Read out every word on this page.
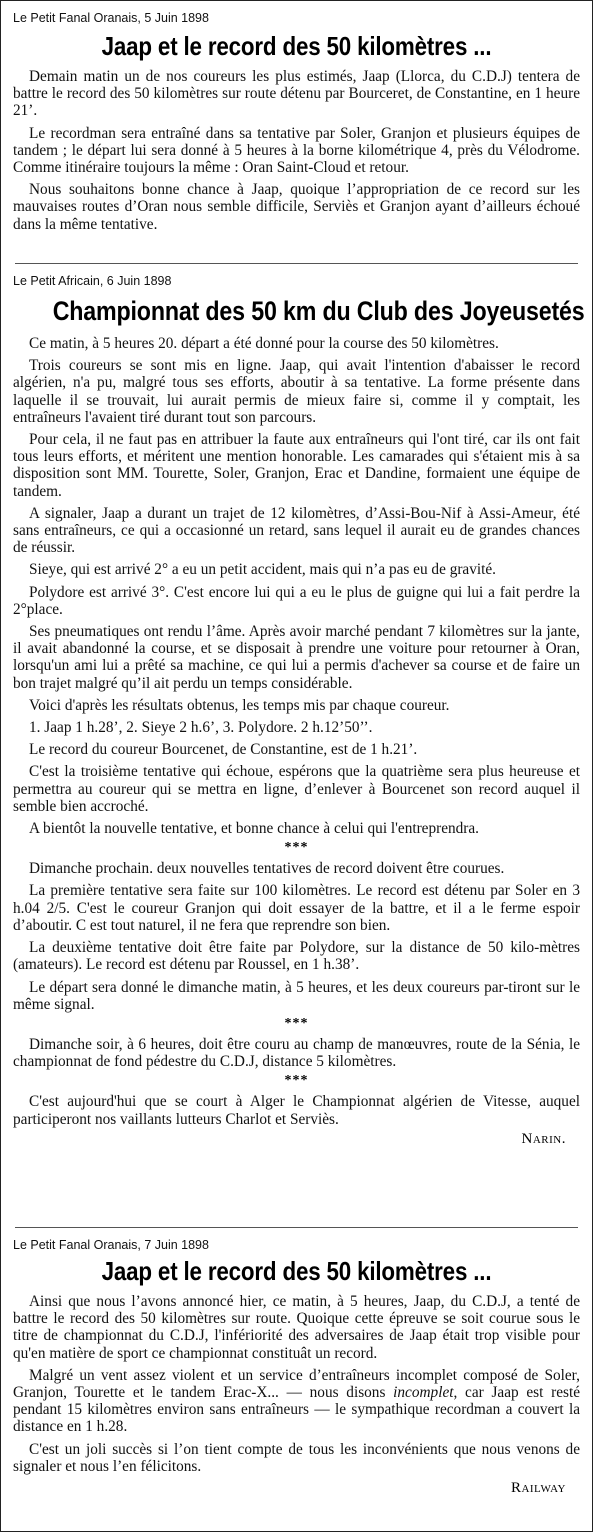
Le Petit Fanal Oranais, 5 Juin 1898

Jaap et le record des 50 kilomètres ...

Demain matin un de nos coureurs les plus estimés, Jaap (Llorca, du C.D.J) tentera de battre le record des 50 kilomètres sur route détenu par Bourceret, de Constantine, en 1 heure 21’.

Le recordman sera entraîné dans sa tentative par Soler, Granjon et plusieurs équipes de tandem ; le départ lui sera donné à 5 heures à la borne kilométrique 4, près du Vélodrome. Comme itinéraire toujours la même : Oran Saint-Cloud et retour.

Nous souhaitons bonne chance à Jaap, quoique l’appropriation de ce record sur les mauvaises routes d’Oran nous semble difficile, Serviès et Granjon ayant d’ailleurs échoué dans la même tentative.

Le Petit Africain, 6 Juin 1898

Championnat des 50 km du Club des Joyeusetés

Ce matin, à 5 heures 20. départ a été donné pour la course des 50 kilomètres.

Trois coureurs se sont mis en ligne. Jaap, qui avait l'intention d'abaisser le record algérien, n'a pu, malgré tous ses efforts, aboutir à sa tentative. La forme présente dans laquelle il se trouvait, lui aurait permis de mieux faire si, comme il y comptait, les entraîneurs l'avaient tiré durant tout son parcours.

Pour cela, il ne faut pas en attribuer la faute aux entraîneurs qui l'ont tiré, car ils ont fait tous leurs efforts, et méritent une mention honorable. Les camarades qui s'étaient mis à sa disposition sont MM. Tourette, Soler, Granjon, Erac et Dandine, formaient une équipe de tandem.

A signaler, Jaap a durant un trajet de 12 kilomètres, d’Assi-Bou-Nif à Assi-Ameur, été sans entraîneurs, ce qui a occasionné un retard, sans lequel il aurait eu de grandes chances de réussir.

Sieye, qui est arrivé 2° a eu un petit accident, mais qui n’a pas eu de gravité.

Polydore est arrivé 3°. C'est encore lui qui a eu le plus de guigne qui lui a fait perdre la 2°place.

Ses pneumatiques ont rendu l’âme. Après avoir marché pendant 7 kilomètres sur la jante, il avait abandonné la course, et se disposait à prendre une voiture pour retourner à Oran, lorsqu'un ami lui a prêté sa machine, ce qui lui a permis d'achever sa course et de faire un bon trajet malgré qu’il ait perdu un temps considérable.

Voici d'après les résultats obtenus, les temps mis par chaque coureur.

1. Jaap 1 h.28’, 2. Sieye 2 h.6’, 3. Polydore. 2 h.12’50’’.

Le record du coureur Bourcenet, de Constantine, est de 1 h.21’.

C'est la troisième tentative qui échoue, espérons que la quatrième sera plus heureuse et permettra au coureur qui se mettra en ligne, d’enlever à Bourcenet son record auquel il semble bien accroché.

A bientôt la nouvelle tentative, et bonne chance à celui qui l'entreprendra.

***

Dimanche prochain. deux nouvelles tentatives de record doivent être courues.

La première tentative sera faite sur 100 kilomètres. Le record est détenu par Soler en 3 h.04 2/5. C'est le coureur Granjon qui doit essayer de la battre, et il a le ferme espoir d’aboutir. C est tout naturel, il ne fera que reprendre son bien.

La deuxième tentative doit être faite par Polydore, sur la distance de 50 kilo-mètres (amateurs). Le record est détenu par Roussel, en 1 h.38’.

Le départ sera donné le dimanche matin, à 5 heures, et les deux coureurs par-tiront sur le même signal.

***

Dimanche soir, à 6 heures, doit être couru au champ de manœuvres, route de la Sénia, le championnat de fond pédestre du C.D.J, distance 5 kilomètres.

***

C'est aujourd'hui que se court à Alger le Championnat algérien de Vitesse, auquel participeront nos vaillants lutteurs Charlot et Serviès.

Narin.

Le Petit Fanal Oranais, 7 Juin 1898

Jaap et le record des 50 kilomètres ...

Ainsi que nous l’avons annoncé hier, ce matin, à 5 heures, Jaap, du C.D.J, a tenté de battre le record des 50 kilomètres sur route. Quoique cette épreuve se soit courue sous le titre de championnat du C.D.J, l'infériorité des adversaires de Jaap était trop visible pour qu'en matière de sport ce championnat constituât un record.

Malgré un vent assez violent et un service d’entraîneurs incomplet composé de Soler, Granjon, Tourette et le tandem Erac-X... — nous disons incomplet, car Jaap est resté pendant 15 kilomètres environ sans entraîneurs — le sympathique recordman a couvert la distance en 1 h.28.

C'est un joli succès si l’on tient compte de tous les inconvénients que nous venons de signaler et nous l’en félicitons.

Railway
